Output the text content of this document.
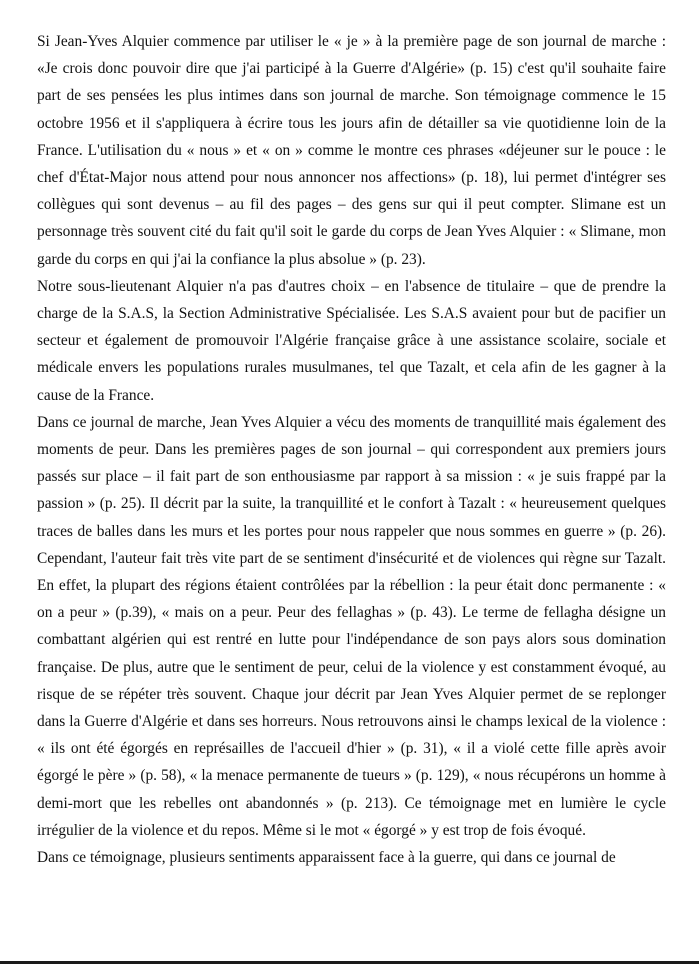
Si Jean-Yves Alquier commence par utiliser le « je » à la première page de son journal de marche : «Je crois donc pouvoir dire que j'ai participé à la Guerre d'Algérie» (p. 15) c'est qu'il souhaite faire part de ses pensées les plus intimes dans son journal de marche. Son témoignage commence le 15 octobre 1956 et il s'appliquera à écrire tous les jours afin de détailler sa vie quotidienne loin de la France. L'utilisation du « nous » et « on » comme le montre ces phrases «déjeuner sur le pouce : le chef d'État-Major nous attend pour nous annoncer nos affections» (p. 18), lui permet d'intégrer ses collègues qui sont devenus – au fil des pages – des gens sur qui il peut compter. Slimane est un personnage très souvent cité du fait qu'il soit le garde du corps de Jean Yves Alquier : « Slimane, mon garde du corps en qui j'ai la confiance la plus absolue » (p. 23).

Notre sous-lieutenant Alquier n'a pas d'autres choix – en l'absence de titulaire – que de prendre la charge de la S.A.S, la Section Administrative Spécialisée. Les S.A.S avaient pour but de pacifier un secteur et également de promouvoir l'Algérie française grâce à une assistance scolaire, sociale et médicale envers les populations rurales musulmanes, tel que Tazalt, et cela afin de les gagner à la cause de la France.

Dans ce journal de marche, Jean Yves Alquier a vécu des moments de tranquillité mais également des moments de peur. Dans les premières pages de son journal – qui correspondent aux premiers jours passés sur place – il fait part de son enthousiasme par rapport à sa mission : « je suis frappé par la passion » (p. 25). Il décrit par la suite, la tranquillité et le confort à Tazalt : « heureusement quelques traces de balles dans les murs et les portes pour nous rappeler que nous sommes en guerre » (p. 26). Cependant, l'auteur fait très vite part de se sentiment d'insécurité et de violences qui règne sur Tazalt. En effet, la plupart des régions étaient contrôlées par la rébellion : la peur était donc permanente : « on a peur » (p.39), « mais on a peur. Peur des fellaghas » (p. 43). Le terme de fellagha désigne un combattant algérien qui est rentré en lutte pour l'indépendance de son pays alors sous domination française. De plus, autre que le sentiment de peur, celui de la violence y est constamment évoqué, au risque de se répéter très souvent. Chaque jour décrit par Jean Yves Alquier permet de se replonger dans la Guerre d'Algérie et dans ses horreurs. Nous retrouvons ainsi le champs lexical de la violence : « ils ont été égorgés en représailles de l'accueil d'hier » (p. 31), « il a violé cette fille après avoir égorgé le père » (p. 58), « la menace permanente de tueurs » (p. 129), « nous récupérons un homme à demi-mort que les rebelles ont abandonnés » (p. 213). Ce témoignage met en lumière le cycle irrégulier de la violence et du repos. Même si le mot « égorgé » y est trop de fois évoqué.

Dans ce témoignage, plusieurs sentiments apparaissent face à la guerre, qui dans ce journal de
